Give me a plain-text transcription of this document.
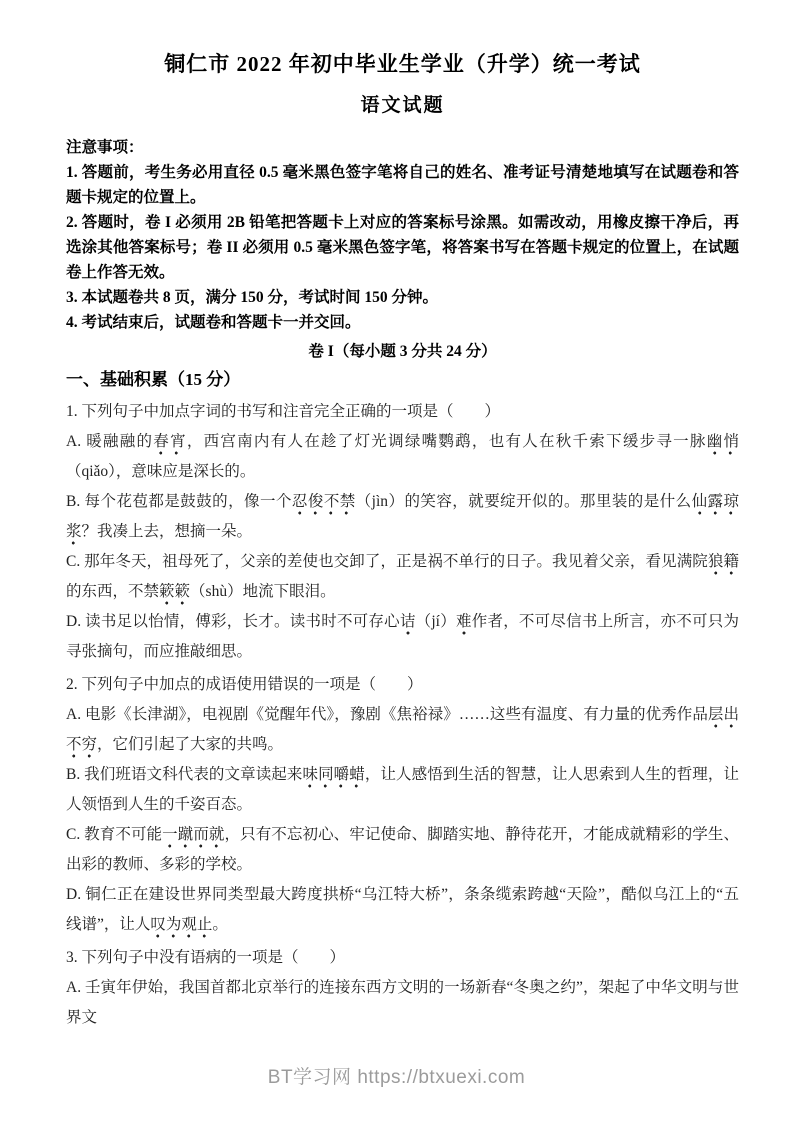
铜仁市 2022 年初中毕业生学业（升学）统一考试
语文试题

注意事项：

1. 答题前，考生务必用直径 0.5 毫米黑色签字笔将自己的姓名、准考证号清楚地填写在试题卷和答题卡规定的位置上。

2. 答题时，卷 I 必须用 2B 铅笔把答题卡上对应的答案标号涂黑。如需改动，用橡皮擦干净后，再选涂其他答案标号；卷 II 必须用 0.5 毫米黑色签字笔，将答案书写在答题卡规定的位置上，在试题卷上作答无效。

3. 本试题卷共 8 页，满分 150 分，考试时间 150 分钟。

4. 考试结束后，试题卷和答题卡一并交回。

卷 I（每小题 3 分共 24 分）

一、基础积累（15 分）

1. 下列句子中加点字词的书写和注音完全正确的一项是（　　）

A. 暖融融的春宵，西宫南内有人在趁了灯光调绿嘴鹦鹉，也有人在秋千索下缓步寻一脉幽悄（qiǎo），意味应是深长的。

B. 每个花苞都是鼓鼓的，像一个忍俊不禁（jìn）的笑容，就要绽开似的。那里装的是什么仙露琼浆？我凑上去，想摘一朵。

C. 那年冬天，祖母死了，父亲的差使也交卸了，正是祸不单行的日子。我见着父亲，看见满院狼籍的东西，不禁簌簌（shù）地流下眼泪。

D. 读书足以怡情，傅彩，长才。读书时不可存心诘（jí）难作者，不可尽信书上所言，亦不可只为寻张摘句，而应推敲细思。

2. 下列句子中加点的成语使用错误的一项是（　　）

A. 电影《长津湖》，电视剧《觉醒年代》，豫剧《焦裕禄》……这些有温度、有力量的优秀作品层出不穷，它们引起了大家的共鸣。

B. 我们班语文科代表的文章读起来味同嚼蜡，让人感悟到生活的智慧，让人思索到人生的哲理，让人领悟到人生的千姿百态。

C. 教育不可能一蹴而就，只有不忘初心、牢记使命、脚踏实地、静待花开，才能成就精彩的学生、出彩的教师、多彩的学校。

D. 铜仁正在建设世界同类型最大跨度拱桥“乌江特大桥”，条条缆索跨越“天险”，酷似乌江上的“五线谱”，让人叹为观止。

3. 下列句子中没有语病的一项是（　　）

A. 壬寅年伊始，我国首都北京举行的连接东西方文明的一场新春“冬奥之约”，架起了中华文明与世界文

BT学习网 https://btxuexi.com
